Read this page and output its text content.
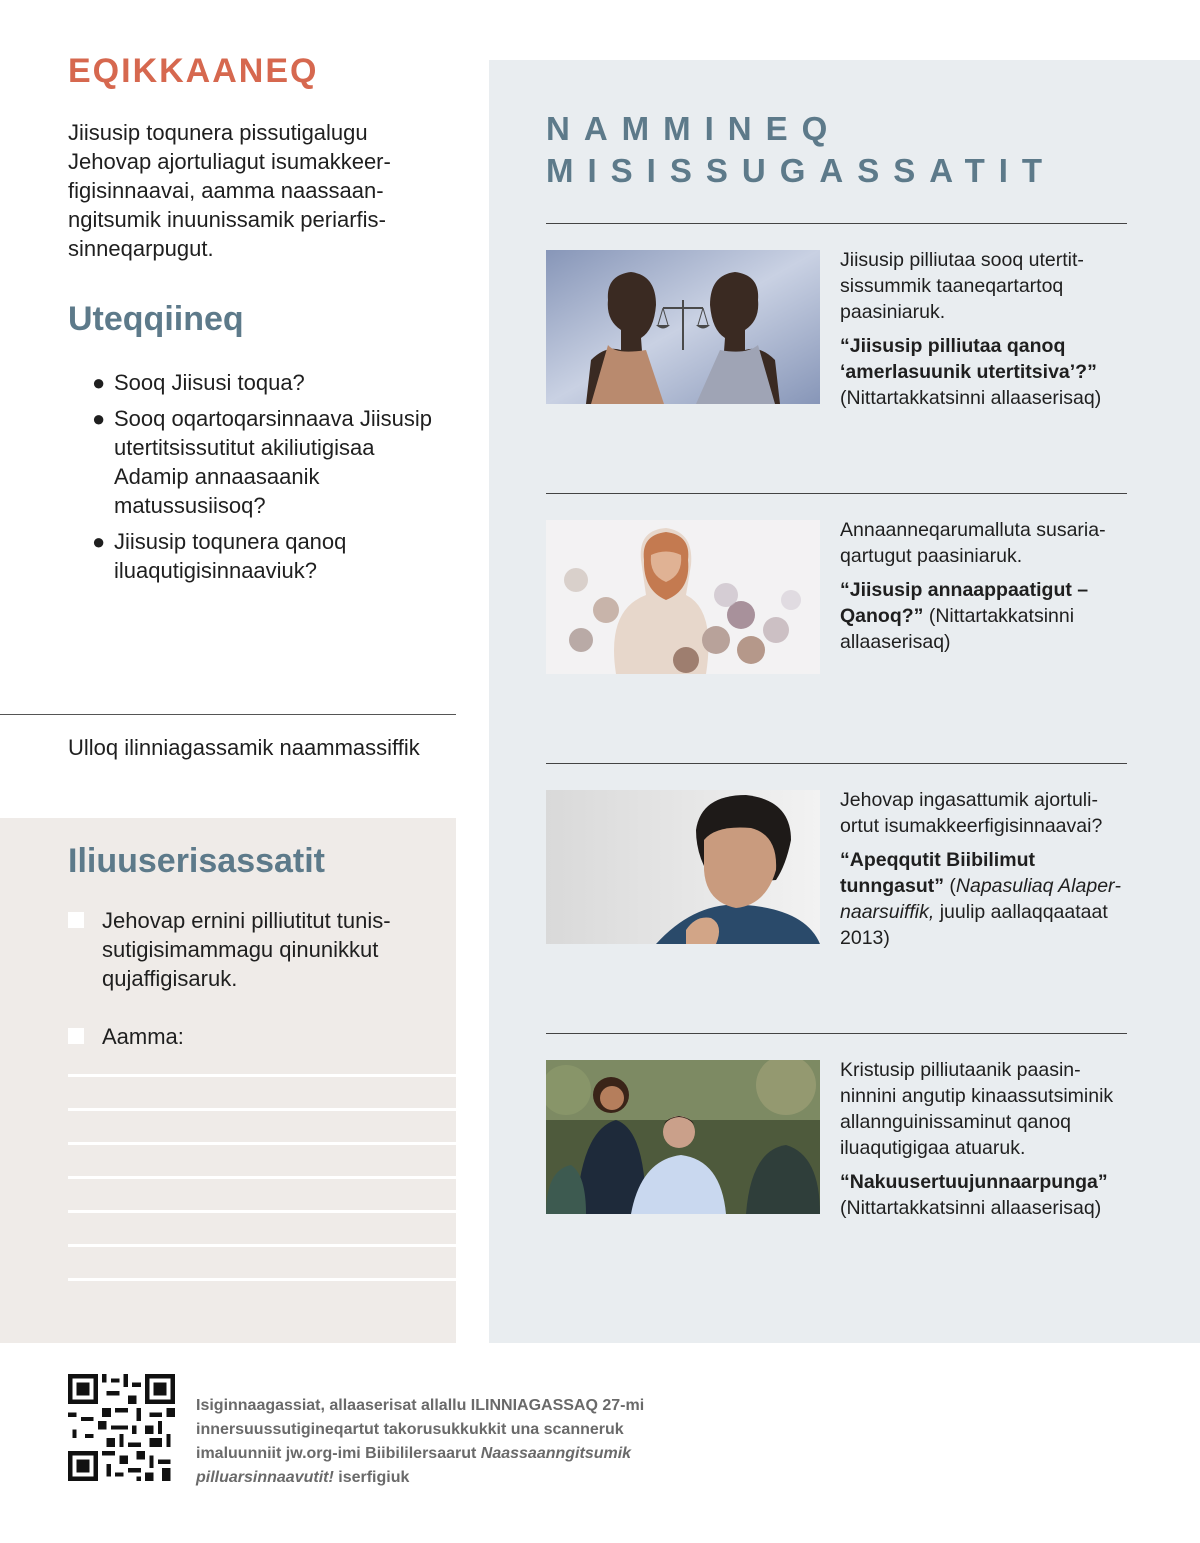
EQIKKAANEQ

Jiisusip toqunera pissutigalugu Jehovap ajortuliagut isumakkeerfigisinnaavai, aamma naassaanngitsumik inuunissamik periarfissinneqarpugut.

Uteqqiineq
● Sooq Jiisusi toqua?
● Sooq oqartoqarsinnaava Jiisusip utertitsissutitut akiliutigisaa Adamip annaasaanik matussusiisoq?
● Jiisusip toqunera qanoq iluaqutigisinnaaviuk?
Ulloq ilinniagassamik naammassiffik
Iliuuserisassatit
Jehovap ernini pilliutitut tunissutigisimammagu qinunikkut qujaffigisaruk.
Aamma:
NAMMINEQ
MISISSUGASSATIT
Jiisusip pilliutaa sooq utertitsissummik taaneqartartoq paasiniaruk.
“Jiisusip pilliutaa qanoq ‘amerlasuunik utertitsiva’?” (Nittartakkatsinni allaaserisaq)
Annaanneqarumalluta susariaqartugut paasiniaruk.
“Jiisusip annaappaatigut – Qanoq?” (Nittartakkatsinni allaaserisaq)
Jehovap ingasattumik ajortuliortut isumakkeerfigisinnaavai?
“Apeqqutit Biibilimut tunngasut” (Napasuliaq Alapernaarsuiffik, juulip aallaqqaataat 2013)
Kristusip pilliutaanik paasinninnini angutip kinaassutsiminik allannguinissaminut qanoq iluaqutigigaa atuaruk.
“Nakuusertuujunnaarpunga” (Nittartakkatsinni allaaserisaq)
Isiginnaagassiat, allaaserisat allallu ILINNIAGASSAQ 27-mi innersuussutigineqartut takorusukkukkit una scanneruk imaluunniit jw.org-imi Biibililersaarut Naassaanngitsumik pilluarsinnaavutit! iserfigiuk
